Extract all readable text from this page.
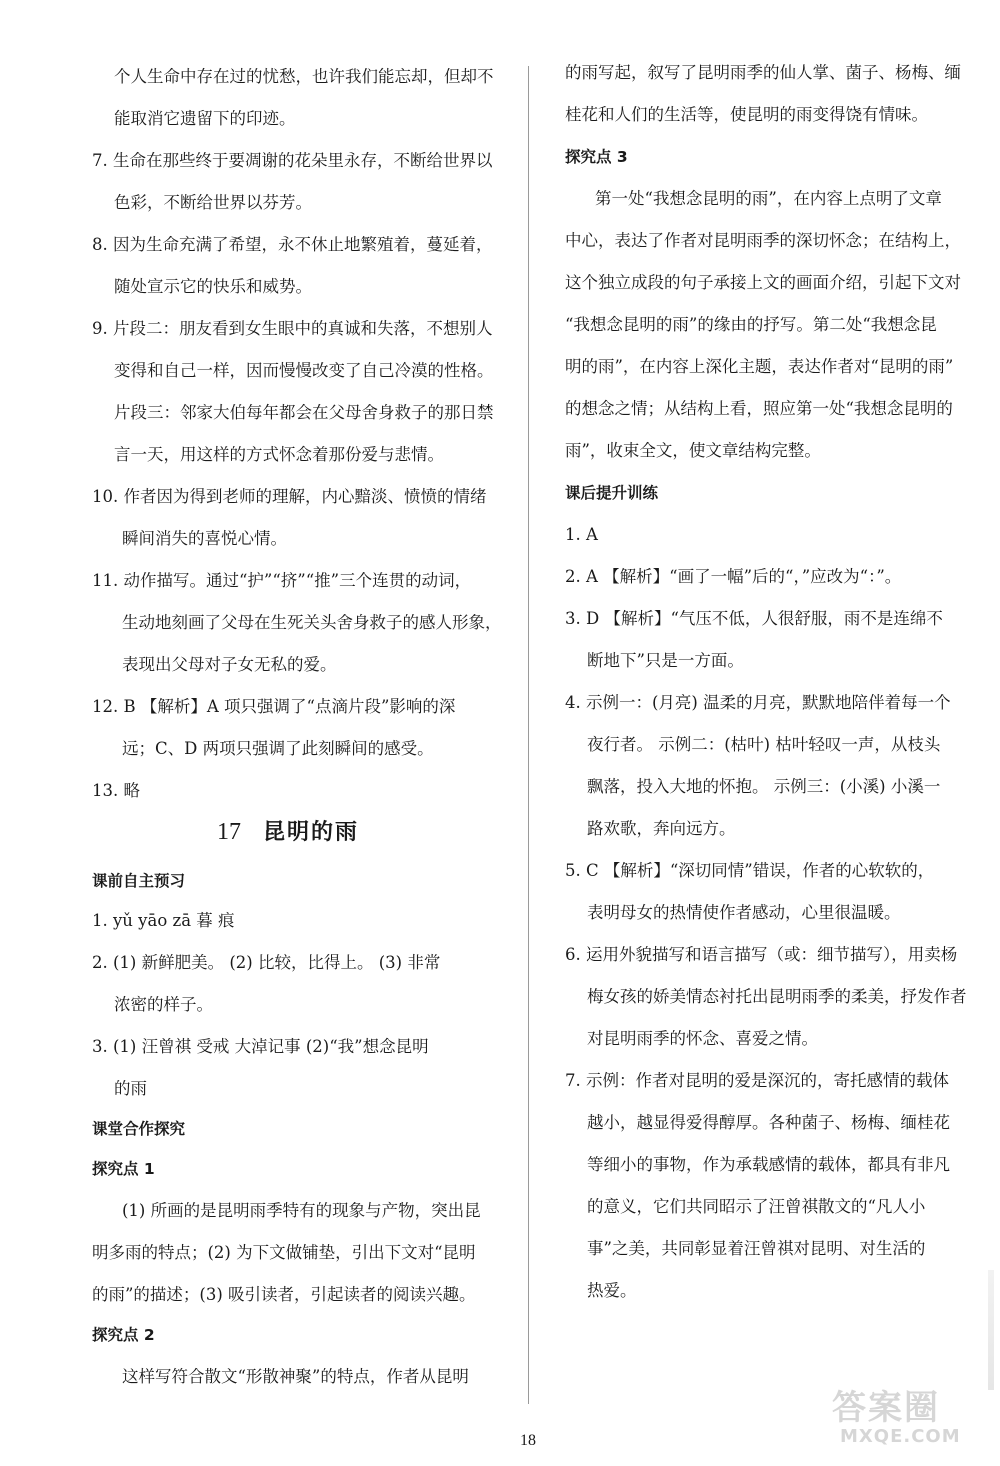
个人生命中存在过的忧愁，也许我们能忘却，但却不
能取消它遗留下的印迹。
7. 生命在那些终于要凋谢的花朵里永存，不断给世界以
色彩，不断给世界以芬芳。
8. 因为生命充满了希望，永不休止地繁殖着，蔓延着，
随处宣示它的快乐和威势。
9. 片段二：朋友看到女生眼中的真诚和失落，不想别人
变得和自己一样，因而慢慢改变了自己冷漠的性格。
片段三：邻家大伯每年都会在父母舍身救子的那日禁
言一天，用这样的方式怀念着那份爱与悲情。
10. 作者因为得到老师的理解，内心黯淡、愤愤的情绪
瞬间消失的喜悦心情。
11. 动作描写。通过“护”“挤”“推”三个连贯的动词，
生动地刻画了父母在生死关头舍身救子的感人形象，
表现出父母对子女无私的爱。
12. B 【解析】A 项只强调了“点滴片段”影响的深
远；C、D 两项只强调了此刻瞬间的感受。
13. 略
17 昆明的雨
课前自主预习
1. yǔ yāo zā 暮 痕
2. (1) 新鲜肥美。 (2) 比较，比得上。 (3) 非常
浓密的样子。
3. (1) 汪曾祺 受戒 大淖记事 (2)“我”想念昆明
的雨
课堂合作探究
探究点 1
(1) 所画的是昆明雨季特有的现象与产物，突出昆
明多雨的特点；(2) 为下文做铺垫，引出下文对“昆明
的雨”的描述；(3) 吸引读者，引起读者的阅读兴趣。
探究点 2
这样写符合散文“形散神聚”的特点，作者从昆明
的雨写起，叙写了昆明雨季的仙人掌、菌子、杨梅、缅
桂花和人们的生活等，使昆明的雨变得饶有情味。
探究点 3
第一处“我想念昆明的雨”，在内容上点明了文章
中心，表达了作者对昆明雨季的深切怀念；在结构上，
这个独立成段的句子承接上文的画面介绍，引起下文对
“我想念昆明的雨”的缘由的抒写。第二处“我想念昆
明的雨”，在内容上深化主题，表达作者对“昆明的雨”
的想念之情；从结构上看，照应第一处“我想念昆明的
雨”，收束全文，使文章结构完整。
课后提升训练
1. A
2. A 【解析】“画了一幅”后的“，”应改为“：”。
3. D 【解析】“气压不低，人很舒服，雨不是连绵不
断地下”只是一方面。
4. 示例一：(月亮) 温柔的月亮，默默地陪伴着每一个
夜行者。 示例二：(枯叶) 枯叶轻叹一声，从枝头
飘落，投入大地的怀抱。 示例三：(小溪) 小溪一
路欢歌，奔向远方。
5. C 【解析】“深切同情”错误，作者的心软软的，
表明母女的热情使作者感动，心里很温暖。
6. 运用外貌描写和语言描写（或：细节描写），用卖杨
梅女孩的娇美情态衬托出昆明雨季的柔美，抒发作者
对昆明雨季的怀念、喜爱之情。
7. 示例：作者对昆明的爱是深沉的，寄托感情的载体
越小，越显得爱得醇厚。各种菌子、杨梅、缅桂花
等细小的事物，作为承载感情的载体，都具有非凡
的意义，它们共同昭示了汪曾祺散文的“凡人小
事”之美，共同彰显着汪曾祺对昆明、对生活的
热爱。
18
答案圈
MXQE.COM
